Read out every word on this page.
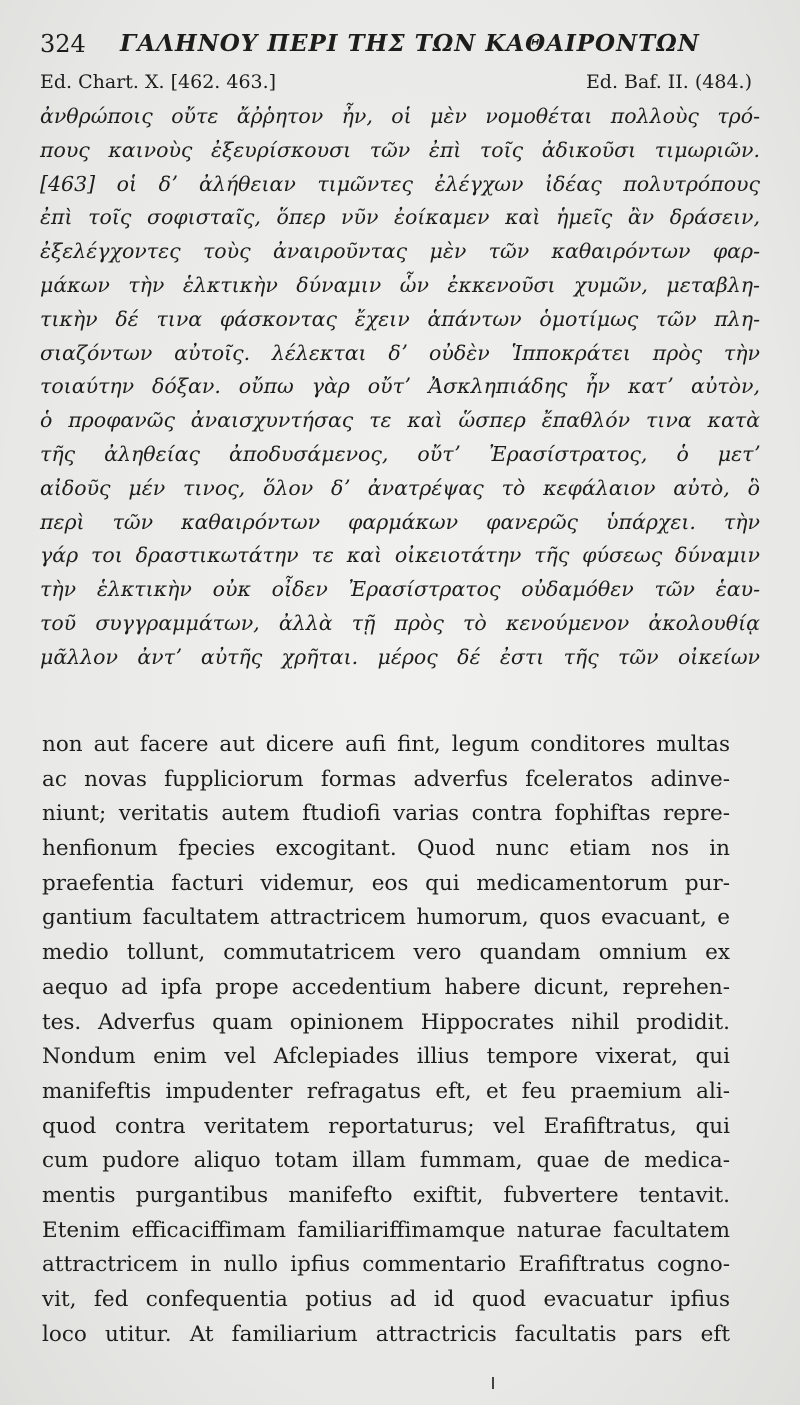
324 ΓΑΛΗΝΟΥ ΠΕΡΙ ΤΗΣ ΤΩΝ ΚΑΘΑΙΡΟΝΤΩΝ
Ed. Chart. X. [462. 463.]	Ed. Baf. II. (484.)
ἀνθρώποις οὔτε ἄῤῥητον ἦν, οἱ μὲν νομοθέται πολλοὺς τρό-
πους καινοὺς ἐξευρίσκουσι τῶν ἐπὶ τοῖς ἀδικοῦσι τιμωριῶν.
[463] οἱ δʼ ἀλήθειαν τιμῶντες ἐλέγχων ἰδέας πολυτρόπους
ἐπὶ τοῖς σοφισταῖς, ὅπερ νῦν ἐοίκαμεν καὶ ἡμεῖς ἂν δράσειν,
ἐξελέγχοντες τοὺς ἀναιροῦντας μὲν τῶν καθαιρόντων φαρ-
μάκων τὴν ἑλκτικὴν δύναμιν ὧν ἐκκενοῦσι χυμῶν, μεταβλη-
τικὴν δέ τινα φάσκοντας ἔχειν ἁπάντων ὁμοτίμως τῶν πλη-
σιαζόντων αὐτοῖς. λέλεκται δʼ οὐδὲν Ἱπποκράτει πρὸς τὴν
τοιαύτην δόξαν. οὔπω γὰρ οὔτʼ Ἀσκληπιάδης ἦν κατʼ αὐτὸν,
ὁ προφανῶς ἀναισχυντήσας τε καὶ ὥσπερ ἔπαθλόν τινα κατὰ
τῆς ἀληθείας ἀποδυσάμενος, οὔτʼ Ἐρασίστρατος, ὁ μετʼ
αἰδοῦς μέν τινος, ὅλον δʼ ἀνατρέψας τὸ κεφάλαιον αὐτὸ, ὃ
περὶ τῶν καθαιρόντων φαρμάκων φανερῶς ὑπάρχει. τὴν
γάρ τοι δραστικωτάτην τε καὶ οἰκειοτάτην τῆς φύσεως δύναμιν
τὴν ἑλκτικὴν οὐκ οἶδεν Ἐρασίστρατος οὐδαμόθεν τῶν ἑαυ-
τοῦ συγγραμμάτων, ἀλλὰ τῇ πρὸς τὸ κενούμενον ἀκολουθίᾳ
μᾶλλον ἀντʼ αὐτῆς χρῆται. μέρος δέ ἐστι τῆς τῶν οἰκείων
non aut facere aut dicere aufi fint, legum conditores multas
ac novas fuppliciorum formas adverfus fceleratos adinve-
niunt; veritatis autem ftudiofi varias contra fophiftas repre-
henfionum fpecies excogitant. Quod nunc etiam nos in
praefentia facturi videmur, eos qui medicamentorum pur-
gantium facultatem attractricem humorum, quos evacuant, e
medio tollunt, commutatricem vero quandam omnium ex
aequo ad ipfa prope accedentium habere dicunt, reprehen-
tes. Adverfus quam opinionem Hippocrates nihil prodidit.
Nondum enim vel Afclepiades illius tempore vixerat, qui
manifeftis impudenter refragatus eft, et feu praemium ali-
quod contra veritatem reportaturus; vel Erafiftratus, qui
cum pudore aliquo totam illam fummam, quae de medica-
mentis purgantibus manifefto exiftit, fubvertere tentavit.
Etenim efficaciffimam familiariffimamque naturae facultatem
attractricem in nullo ipfius commentario Erafiftratus cogno-
vit, fed confequentia potius ad id quod evacuatur ipfius
loco utitur. At familiarium attractricis facultatis pars eft
